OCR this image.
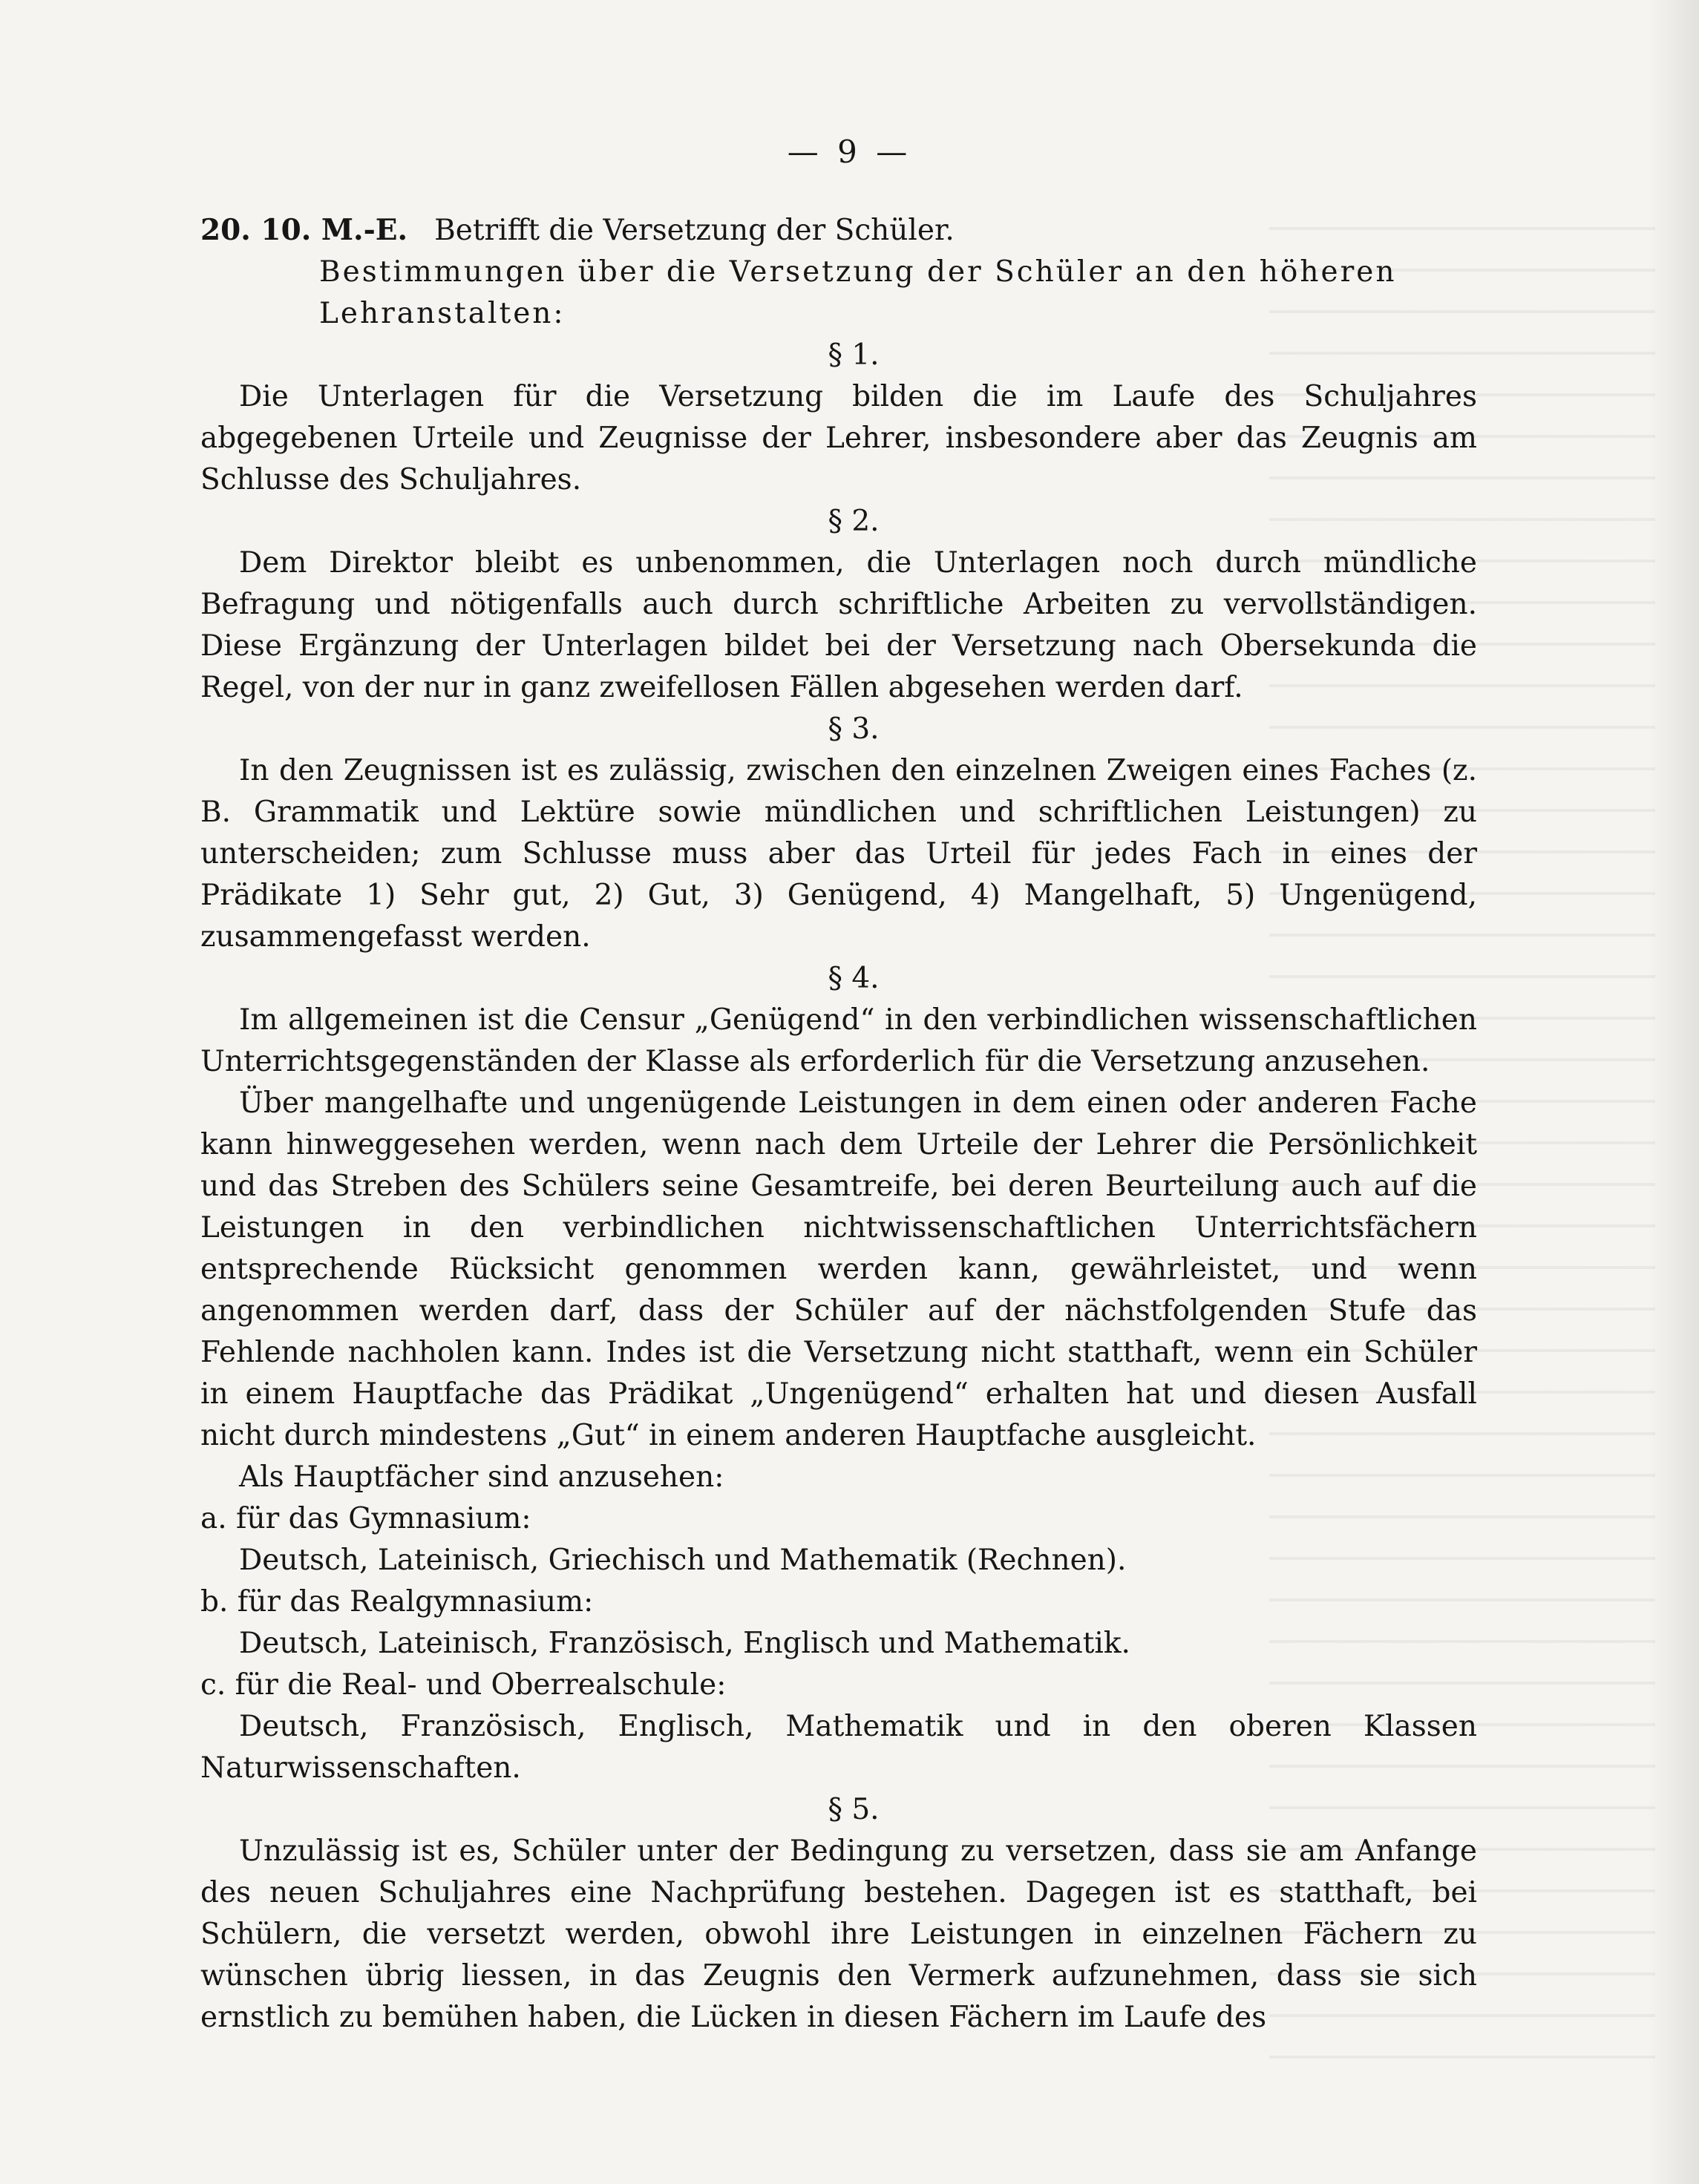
— 9 —
20. 10. M.-E. Betrifft die Versetzung der Schüler.

Bestimmungen über die Versetzung der Schüler an den höheren Lehranstalten:

§ 1.

Die Unterlagen für die Versetzung bilden die im Laufe des Schuljahres abgegebenen Urteile und Zeugnisse der Lehrer, insbesondere aber das Zeugnis am Schlusse des Schuljahres.

§ 2.

Dem Direktor bleibt es unbenommen, die Unterlagen noch durch mündliche Befragung und nötigenfalls auch durch schriftliche Arbeiten zu vervollständigen. Diese Ergänzung der Unterlagen bildet bei der Versetzung nach Obersekunda die Regel, von der nur in ganz zweifellosen Fällen abgesehen werden darf.

§ 3.

In den Zeugnissen ist es zulässig, zwischen den einzelnen Zweigen eines Faches (z. B. Grammatik und Lektüre sowie mündlichen und schriftlichen Leistungen) zu unterscheiden; zum Schlusse muss aber das Urteil für jedes Fach in eines der Prädikate 1) Sehr gut, 2) Gut, 3) Genügend, 4) Mangelhaft, 5) Ungenügend, zusammengefasst werden.

§ 4.

Im allgemeinen ist die Censur „Genügend“ in den verbindlichen wissenschaftlichen Unterrichtsgegenständen der Klasse als erforderlich für die Versetzung anzusehen.

Über mangelhafte und ungenügende Leistungen in dem einen oder anderen Fache kann hinweggesehen werden, wenn nach dem Urteile der Lehrer die Persönlichkeit und das Streben des Schülers seine Gesamtreife, bei deren Beurteilung auch auf die Leistungen in den verbindlichen nichtwissenschaftlichen Unterrichtsfächern entsprechende Rücksicht genommen werden kann, gewährleistet, und wenn angenommen werden darf, dass der Schüler auf der nächstfolgenden Stufe das Fehlende nachholen kann. Indes ist die Versetzung nicht statthaft, wenn ein Schüler in einem Hauptfache das Prädikat „Ungenügend“ erhalten hat und diesen Ausfall nicht durch mindestens „Gut“ in einem anderen Hauptfache ausgleicht.

Als Hauptfächer sind anzusehen:

a. für das Gymnasium:

Deutsch, Lateinisch, Griechisch und Mathematik (Rechnen).

b. für das Realgymnasium:

Deutsch, Lateinisch, Französisch, Englisch und Mathematik.

c. für die Real- und Oberrealschule:

Deutsch, Französisch, Englisch, Mathematik und in den oberen Klassen Naturwissenschaften.

§ 5.

Unzulässig ist es, Schüler unter der Bedingung zu versetzen, dass sie am Anfange des neuen Schuljahres eine Nachprüfung bestehen. Dagegen ist es statthaft, bei Schülern, die versetzt werden, obwohl ihre Leistungen in einzelnen Fächern zu wünschen übrig liessen, in das Zeugnis den Vermerk aufzunehmen, dass sie sich ernstlich zu bemühen haben, die Lücken in diesen Fächern im Laufe des
